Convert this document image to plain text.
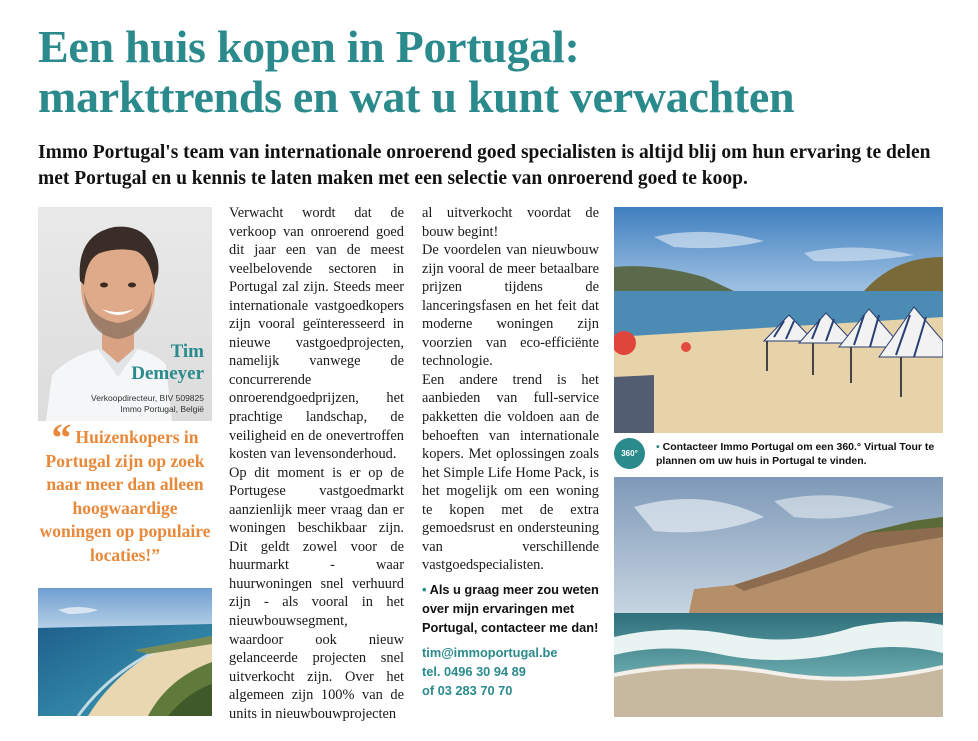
Een huis kopen in Portugal:
markttrends en wat u kunt verwachten

Immo Portugal's team van internationale onroerend goed specialisten is altijd blij om hun ervaring te delen met Portugal en u kennis te laten maken met een selectie van onroerend goed te koop.

Tim
Demeyer
Verkoopdirecteur, BIV 509825
Immo Portugal, België
“ Huizenkopers in Portugal zijn op zoek naar meer dan alleen hoogwaardige woningen op populaire locaties!”

Verwacht wordt dat de verkoop van onroerend goed dit jaar een van de meest veelbelovende sectoren in Portugal zal zijn. Steeds meer internationale vastgoedkopers zijn vooral geïnteresseerd in nieuwe vastgoedprojecten, namelijk vanwege de concurrerende onroerendgoedprijzen, het prachtige landschap, de veiligheid en de onevertroffen kosten van levensonderhoud.

Op dit moment is er op de Portugese vastgoedmarkt aanzienlijk meer vraag dan er woningen beschikbaar zijn. Dit geldt zowel voor de huurmarkt - waar huurwoningen snel verhuurd zijn - als vooral in het nieuwbouwsegment, waardoor ook nieuw gelanceerde projecten snel uitverkocht zijn. Over het algemeen zijn 100% van de units in nieuwbouwprojecten

al uitverkocht voordat de bouw begint!

De voordelen van nieuwbouw zijn vooral de meer betaalbare prijzen tijdens de lanceringsfasen en het feit dat moderne woningen zijn voorzien van eco-efficiënte technologie.

Een andere trend is het aanbieden van full-service pakketten die voldoen aan de behoeften van internationale kopers. Met oplossingen zoals het Simple Life Home Pack, is het mogelijk om een woning te kopen met de extra gemoedsrust en ondersteuning van verschillende vastgoedspecialisten.

• Als u graag meer zou weten over mijn ervaringen met Portugal, contacteer me dan!
tim@immoportugal.be
tel. 0496 30 94 89
of 03 283 70 70
360°
• Contacteer Immo Portugal om een 360.° Virtual Tour te plannen om uw huis in Portugal te vinden.
